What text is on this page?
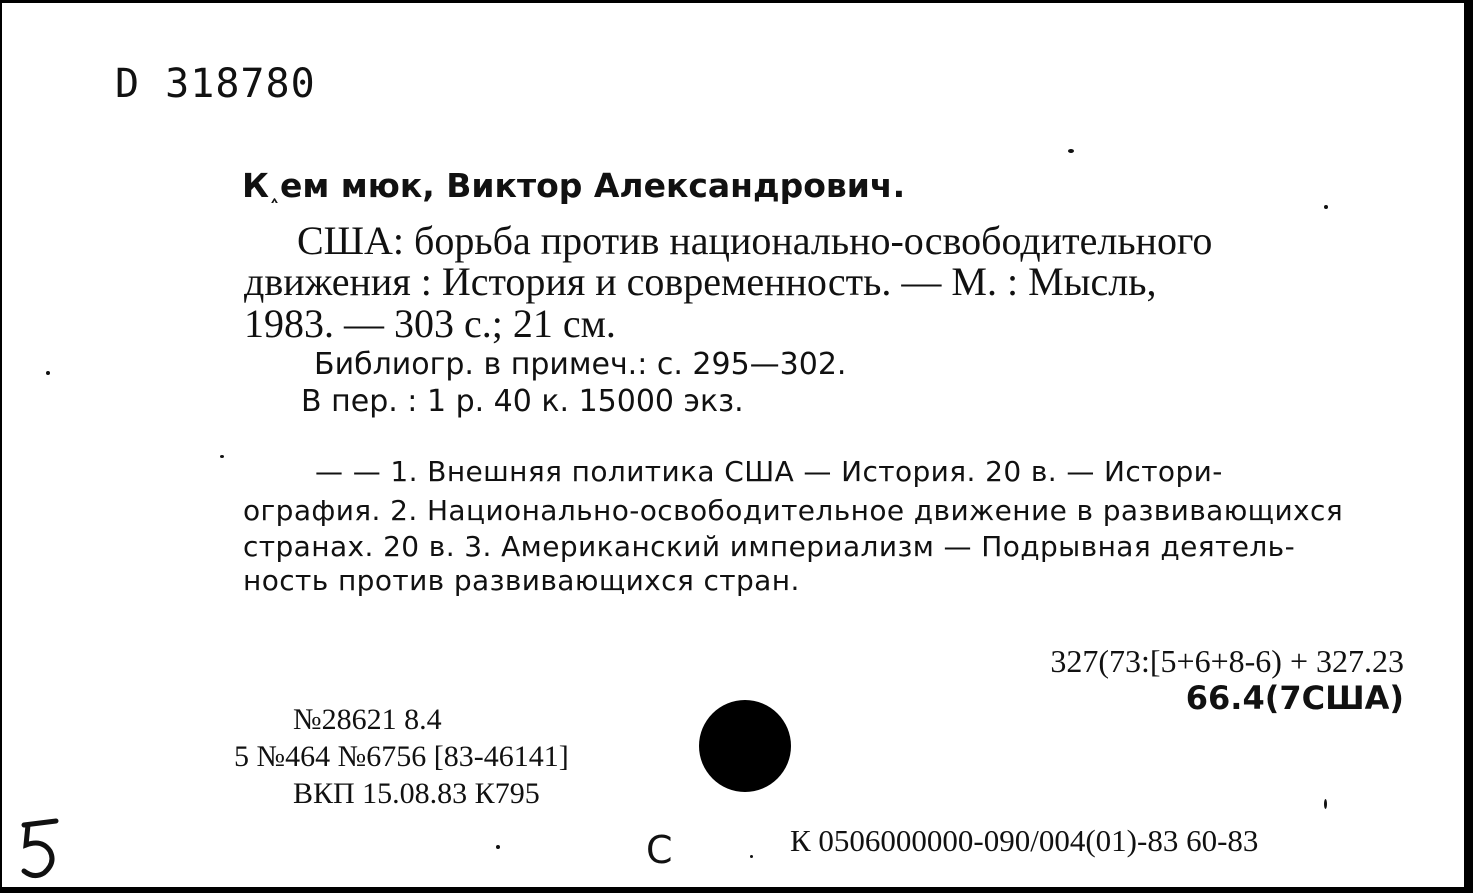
D 318780
К˰ем мюк, Виктор Александрович.
США: борьба против национально-освободительного
движения : История и современность. — М. : Мысль,
1983. — 303 с.; 21 см.
Библиогр. в примеч.: с. 295—302.
В пер. : 1 р. 40 к. 15000 экз.
— — 1. Внешняя политика США — История. 20 в. — Истори-
ография. 2. Национально-освободительное движение в развивающихся
странах. 20 в. 3. Американский империализм — Подрывная деятель-
ность против развивающихся стран.
327(73:[5+6+8-6) + 327.23
66.4(7США)
№28621 8.4
5 №464 №6756 [83-46141]
ВКП 15.08.83 К795
С	К 0506000000-090/004(01)-83 60-83
